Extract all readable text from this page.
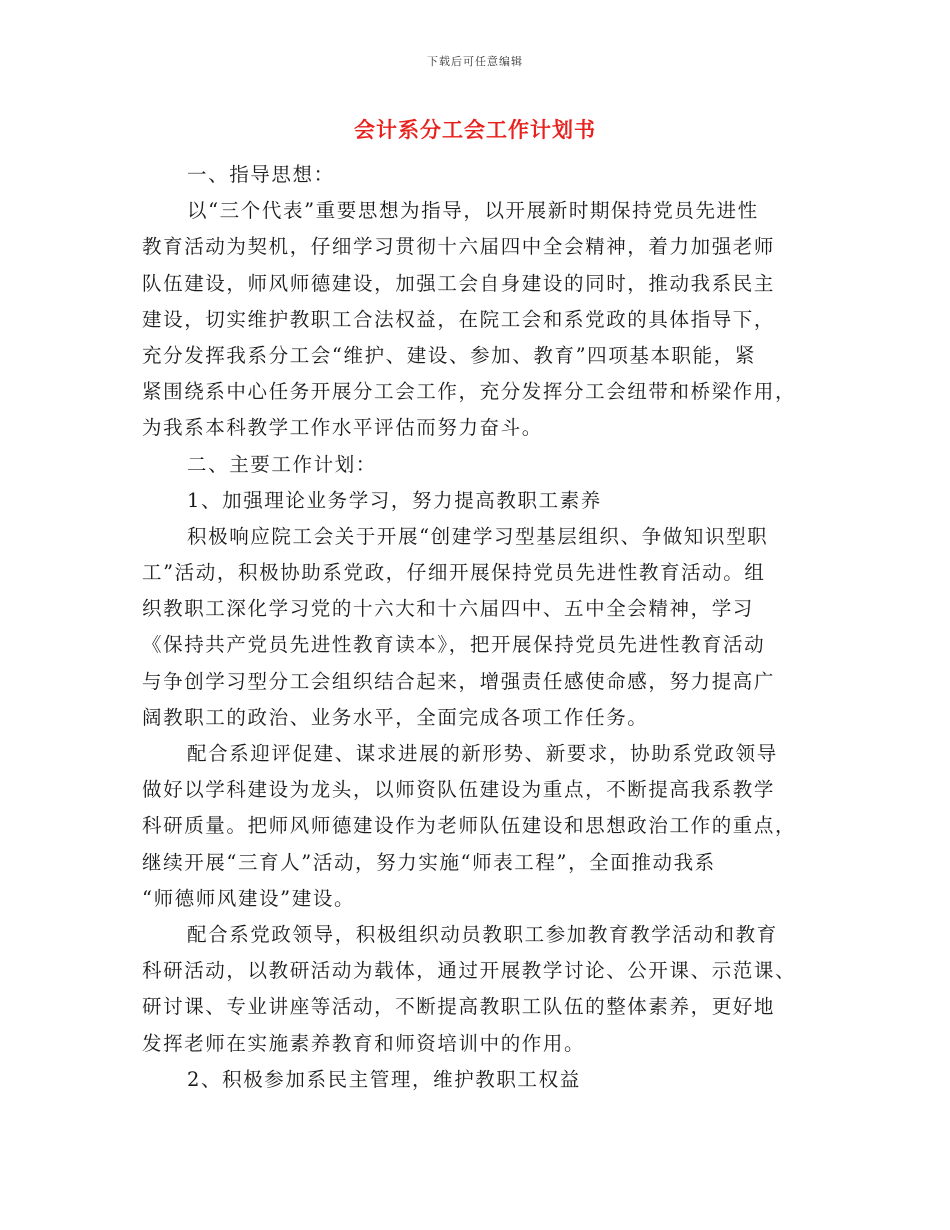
下载后可任意编辑
会计系分工会工作计划书
一、指导思想：
以“三个代表”重要思想为指导，以开展新时期保持党员先进性
教育活动为契机，仔细学习贯彻十六届四中全会精神，着力加强老师
队伍建设，师风师德建设，加强工会自身建设的同时，推动我系民主
建设，切实维护教职工合法权益，在院工会和系党政的具体指导下，
充分发挥我系分工会“维护、建设、参加、教育”四项基本职能，紧
紧围绕系中心任务开展分工会工作，充分发挥分工会纽带和桥梁作用，
为我系本科教学工作水平评估而努力奋斗。
二、主要工作计划：
1、加强理论业务学习，努力提高教职工素养
积极响应院工会关于开展“创建学习型基层组织、争做知识型职
工”活动，积极协助系党政，仔细开展保持党员先进性教育活动。组
织教职工深化学习党的十六大和十六届四中、五中全会精神，学习
《保持共产党员先进性教育读本》，把开展保持党员先进性教育活动
与争创学习型分工会组织结合起来，增强责任感使命感，努力提高广
阔教职工的政治、业务水平，全面完成各项工作任务。
配合系迎评促建、谋求进展的新形势、新要求，协助系党政领导
做好以学科建设为龙头，以师资队伍建设为重点，不断提高我系教学
科研质量。把师风师德建设作为老师队伍建设和思想政治工作的重点，
继续开展“三育人”活动，努力实施“师表工程”，全面推动我系
“师德师风建设”建设。
配合系党政领导，积极组织动员教职工参加教育教学活动和教育
科研活动，以教研活动为载体，通过开展教学讨论、公开课、示范课、
研讨课、专业讲座等活动，不断提高教职工队伍的整体素养，更好地
发挥老师在实施素养教育和师资培训中的作用。
2、积极参加系民主管理，维护教职工权益
